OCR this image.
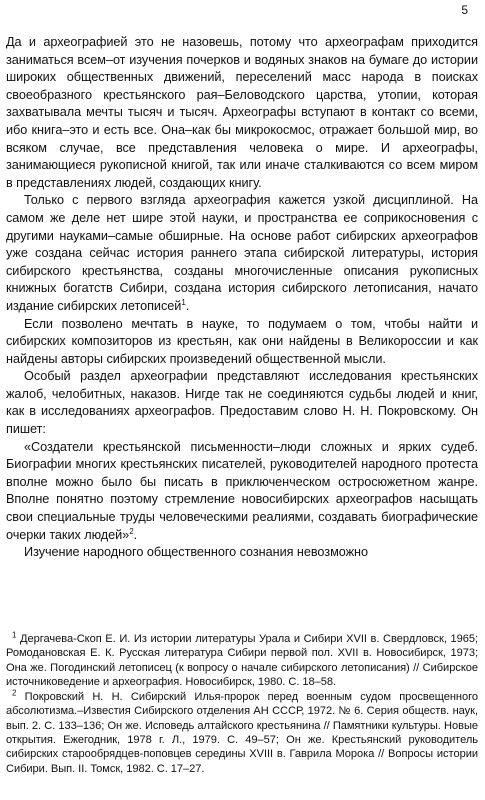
5

Да и археографией это не назовешь, потому что археографам приходится заниматься всем–от изучения почерков и водяных знаков на бумаге до истории широких общественных движений, переселений масс народа в поисках своеобразного крестьянского рая–Беловодского царства, утопии, которая захватывала мечты тысяч и тысяч. Археографы вступают в контакт со всеми, ибо книга–это и есть все. Она–как бы микрокосмос, отражает большой мир, во всяком случае, все представления человека о мире. И археографы, занимающиеся рукописной книгой, так или иначе сталкиваются со всем миром в представлениях людей, создающих книгу.

Только с первого взгляда археография кажется узкой дисциплиной. На самом же деле нет шире этой науки, и пространства ее соприкосновения с другими науками–самые обширные. На основе работ сибирских археографов уже создана сейчас история раннего этапа сибирской литературы, история сибирского крестьянства, созданы многочисленные описания рукописных книжных богатств Сибири, создана история сибирского летописания, начато издание сибирских летописей$^1$.

Если позволено мечтать в науке, то подумаем о том, чтобы найти и сибирских композиторов из крестьян, как они найдены в Великороссии и как найдены авторы сибирских произведений общественной мысли.

Особый раздел археографии представляют исследования крестьянских жалоб, челобитных, наказов. Нигде так не соединяются судьбы людей и книг, как в исследованиях археографов. Предоставим слово Н. Н. Покровскому. Он пишет:

«Создатели крестьянской письменности–люди сложных и ярких судеб. Биографии многих крестьянских писателей, руководителей народного протеста вполне можно было бы писать в приключенческом остросюжетном жанре. Вполне понятно поэтому стремление новосибирских археографов насыщать свои специальные труды человеческими реалиями, создавать биографические очерки таких людей»$^2$.

Изучение народного общественного сознания невозможно

$^1$ Дергачева-Скоп Е. И. Из истории литературы Урала и Сибири XVII в. Свердловск, 1965; Ромодановская Е. К. Русская литература Сибири первой пол. XVII в. Новосибирск, 1973; Она же. Погодинский летописец (к вопросу о начале сибирского летописания) // Сибирское источниковедение и археография. Новосибирск, 1980. С. 18–58.

$^2$ Покровский Н. Н. Сибирский Илья-пророк перед военным судом просвещенного абсолютизма.–Известия Сибирского отделения АН СССР, 1972. № 6. Серия обществ. наук, вып. 2. С. 133–136; Он же. Исповедь алтайского крестьянина // Памятники культуры. Новые открытия. Ежегодник, 1978 г. Л., 1979. С. 49–57; Он же. Крестьянский руководитель сибирских старообрядцев-поповцев середины XVIII в. Гаврила Морока // Вопросы истории Сибири. Вып. II. Томск, 1982. С. 17–27.
